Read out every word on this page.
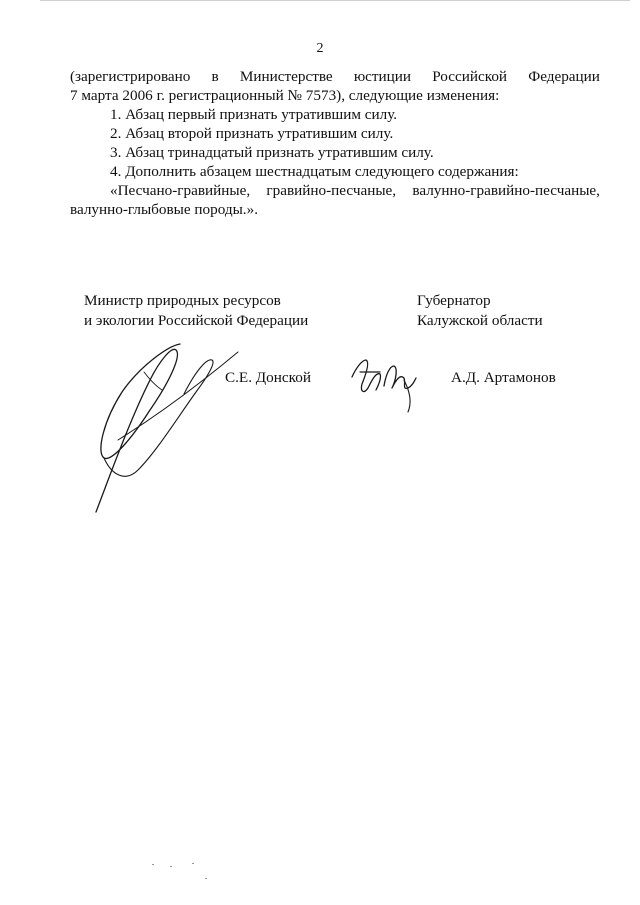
2
(зарегистрировано в Министерстве юстиции Российской Федерации
7 марта 2006 г. регистрационный № 7573), следующие изменения:
1. Абзац первый признать утратившим силу.
2. Абзац второй признать утратившим силу.
3. Абзац тринадцатый признать утратившим силу.
4. Дополнить абзацем шестнадцатым следующего содержания:
«Песчано-гравийные, гравийно-песчаные, валунно-гравийно-песчаные,
валунно-глыбовые породы.».
Министр природных ресурсов
и экологии Российской Федерации
С.Е. Донской
Губернатор
Калужской области
А.Д. Артамонов
